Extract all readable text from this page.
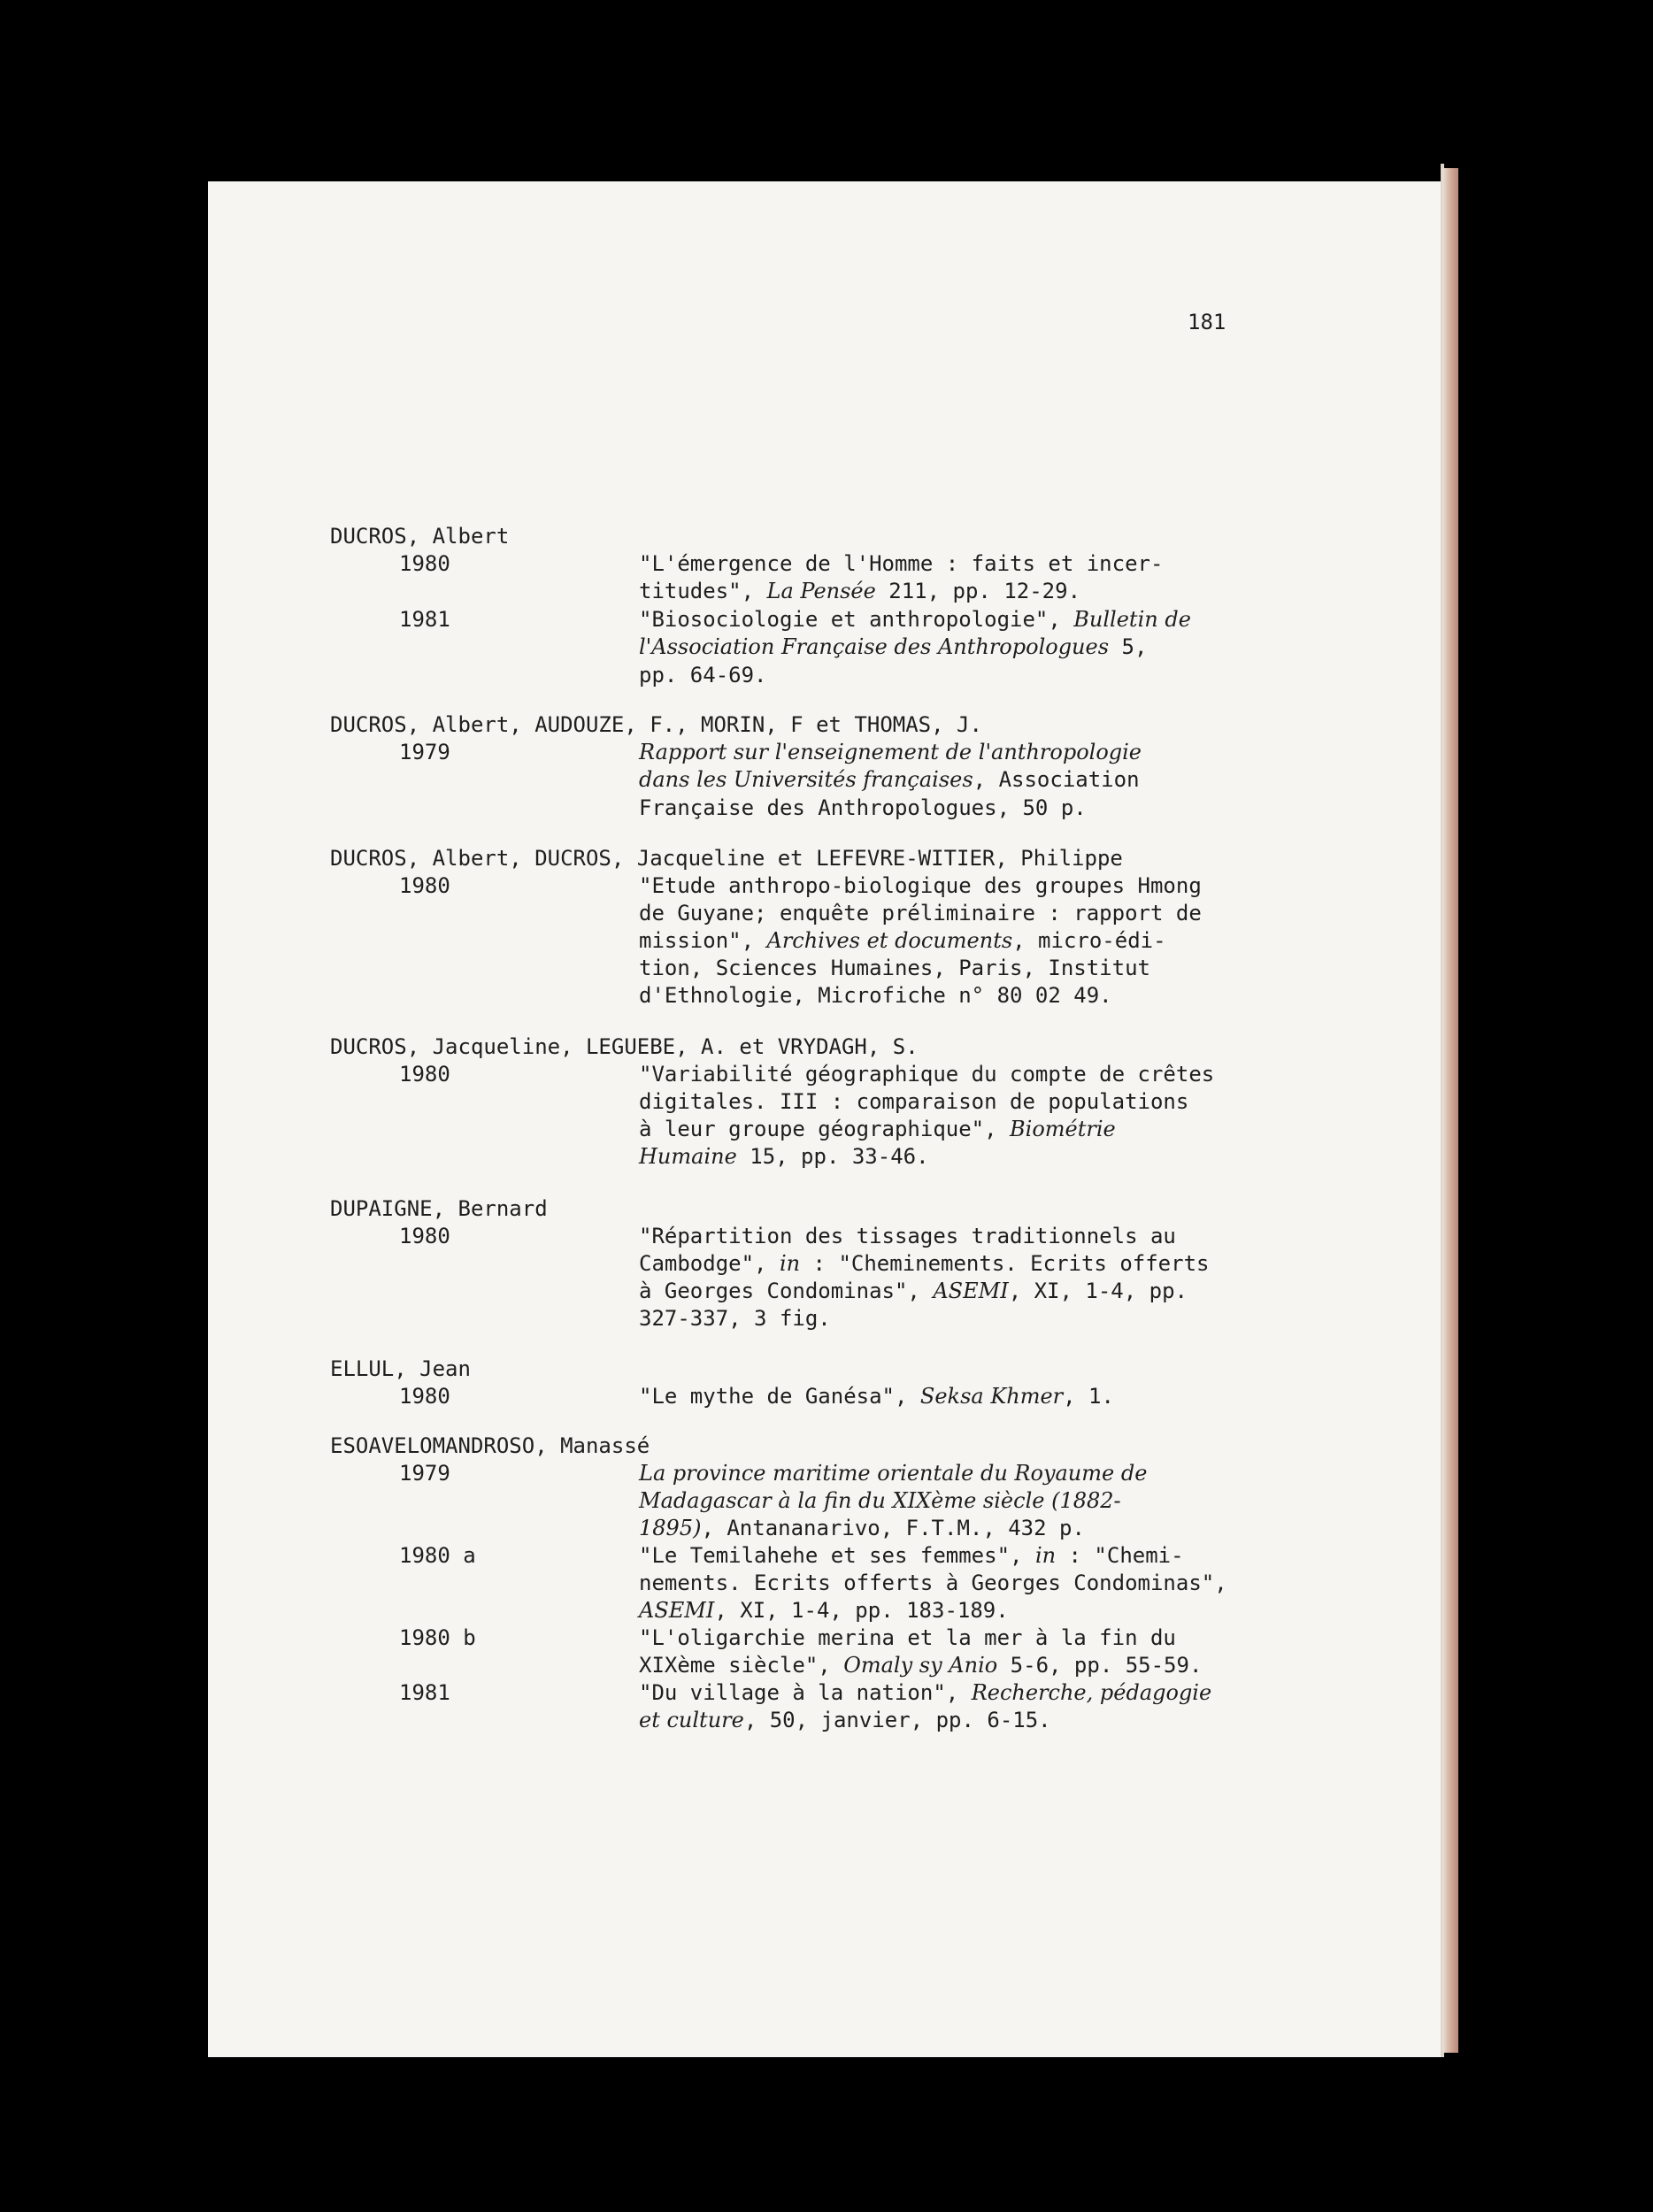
181
DUCROS, Albert
1980	"L'émergence de l'Homme : faits et incer-
titudes", La Pensée 211, pp. 12-29.
1981	"Biosociologie et anthropologie", Bulletin de
l'Association Française des Anthropologues 5,
pp. 64-69.
DUCROS, Albert, AUDOUZE, F., MORIN, F et THOMAS, J.
1979	Rapport sur l'enseignement de l'anthropologie
dans les Universités françaises, Association
Française des Anthropologues, 50 p.
DUCROS, Albert, DUCROS, Jacqueline et LEFEVRE-WITIER, Philippe
1980	"Etude anthropo-biologique des groupes Hmong
de Guyane; enquête préliminaire : rapport de
mission", Archives et documents, micro-édi-
tion, Sciences Humaines, Paris, Institut
d'Ethnologie, Microfiche n° 80 02 49.
DUCROS, Jacqueline, LEGUEBE, A. et VRYDAGH, S.
1980	"Variabilité géographique du compte de crêtes
digitales. III : comparaison de populations
à leur groupe géographique", Biométrie
Humaine 15, pp. 33-46.
DUPAIGNE, Bernard
1980	"Répartition des tissages traditionnels au
Cambodge", in : "Cheminements. Ecrits offerts
à Georges Condominas", ASEMI, XI, 1-4, pp.
327-337, 3 fig.
ELLUL, Jean
1980	"Le mythe de Ganésa", Seksa Khmer, 1.
ESOAVELOMANDROSO, Manassé
1979	La province maritime orientale du Royaume de
Madagascar à la fin du XIXème siècle (1882-
1895), Antananarivo, F.T.M., 432 p.
1980 a	"Le Temilahehe et ses femmes", in : "Chemi-
nements. Ecrits offerts à Georges Condominas",
ASEMI, XI, 1-4, pp. 183-189.
1980 b	"L'oligarchie merina et la mer à la fin du
XIXème siècle", Omaly sy Anio 5-6, pp. 55-59.
1981	"Du village à la nation", Recherche, pédagogie
et culture, 50, janvier, pp. 6-15.
